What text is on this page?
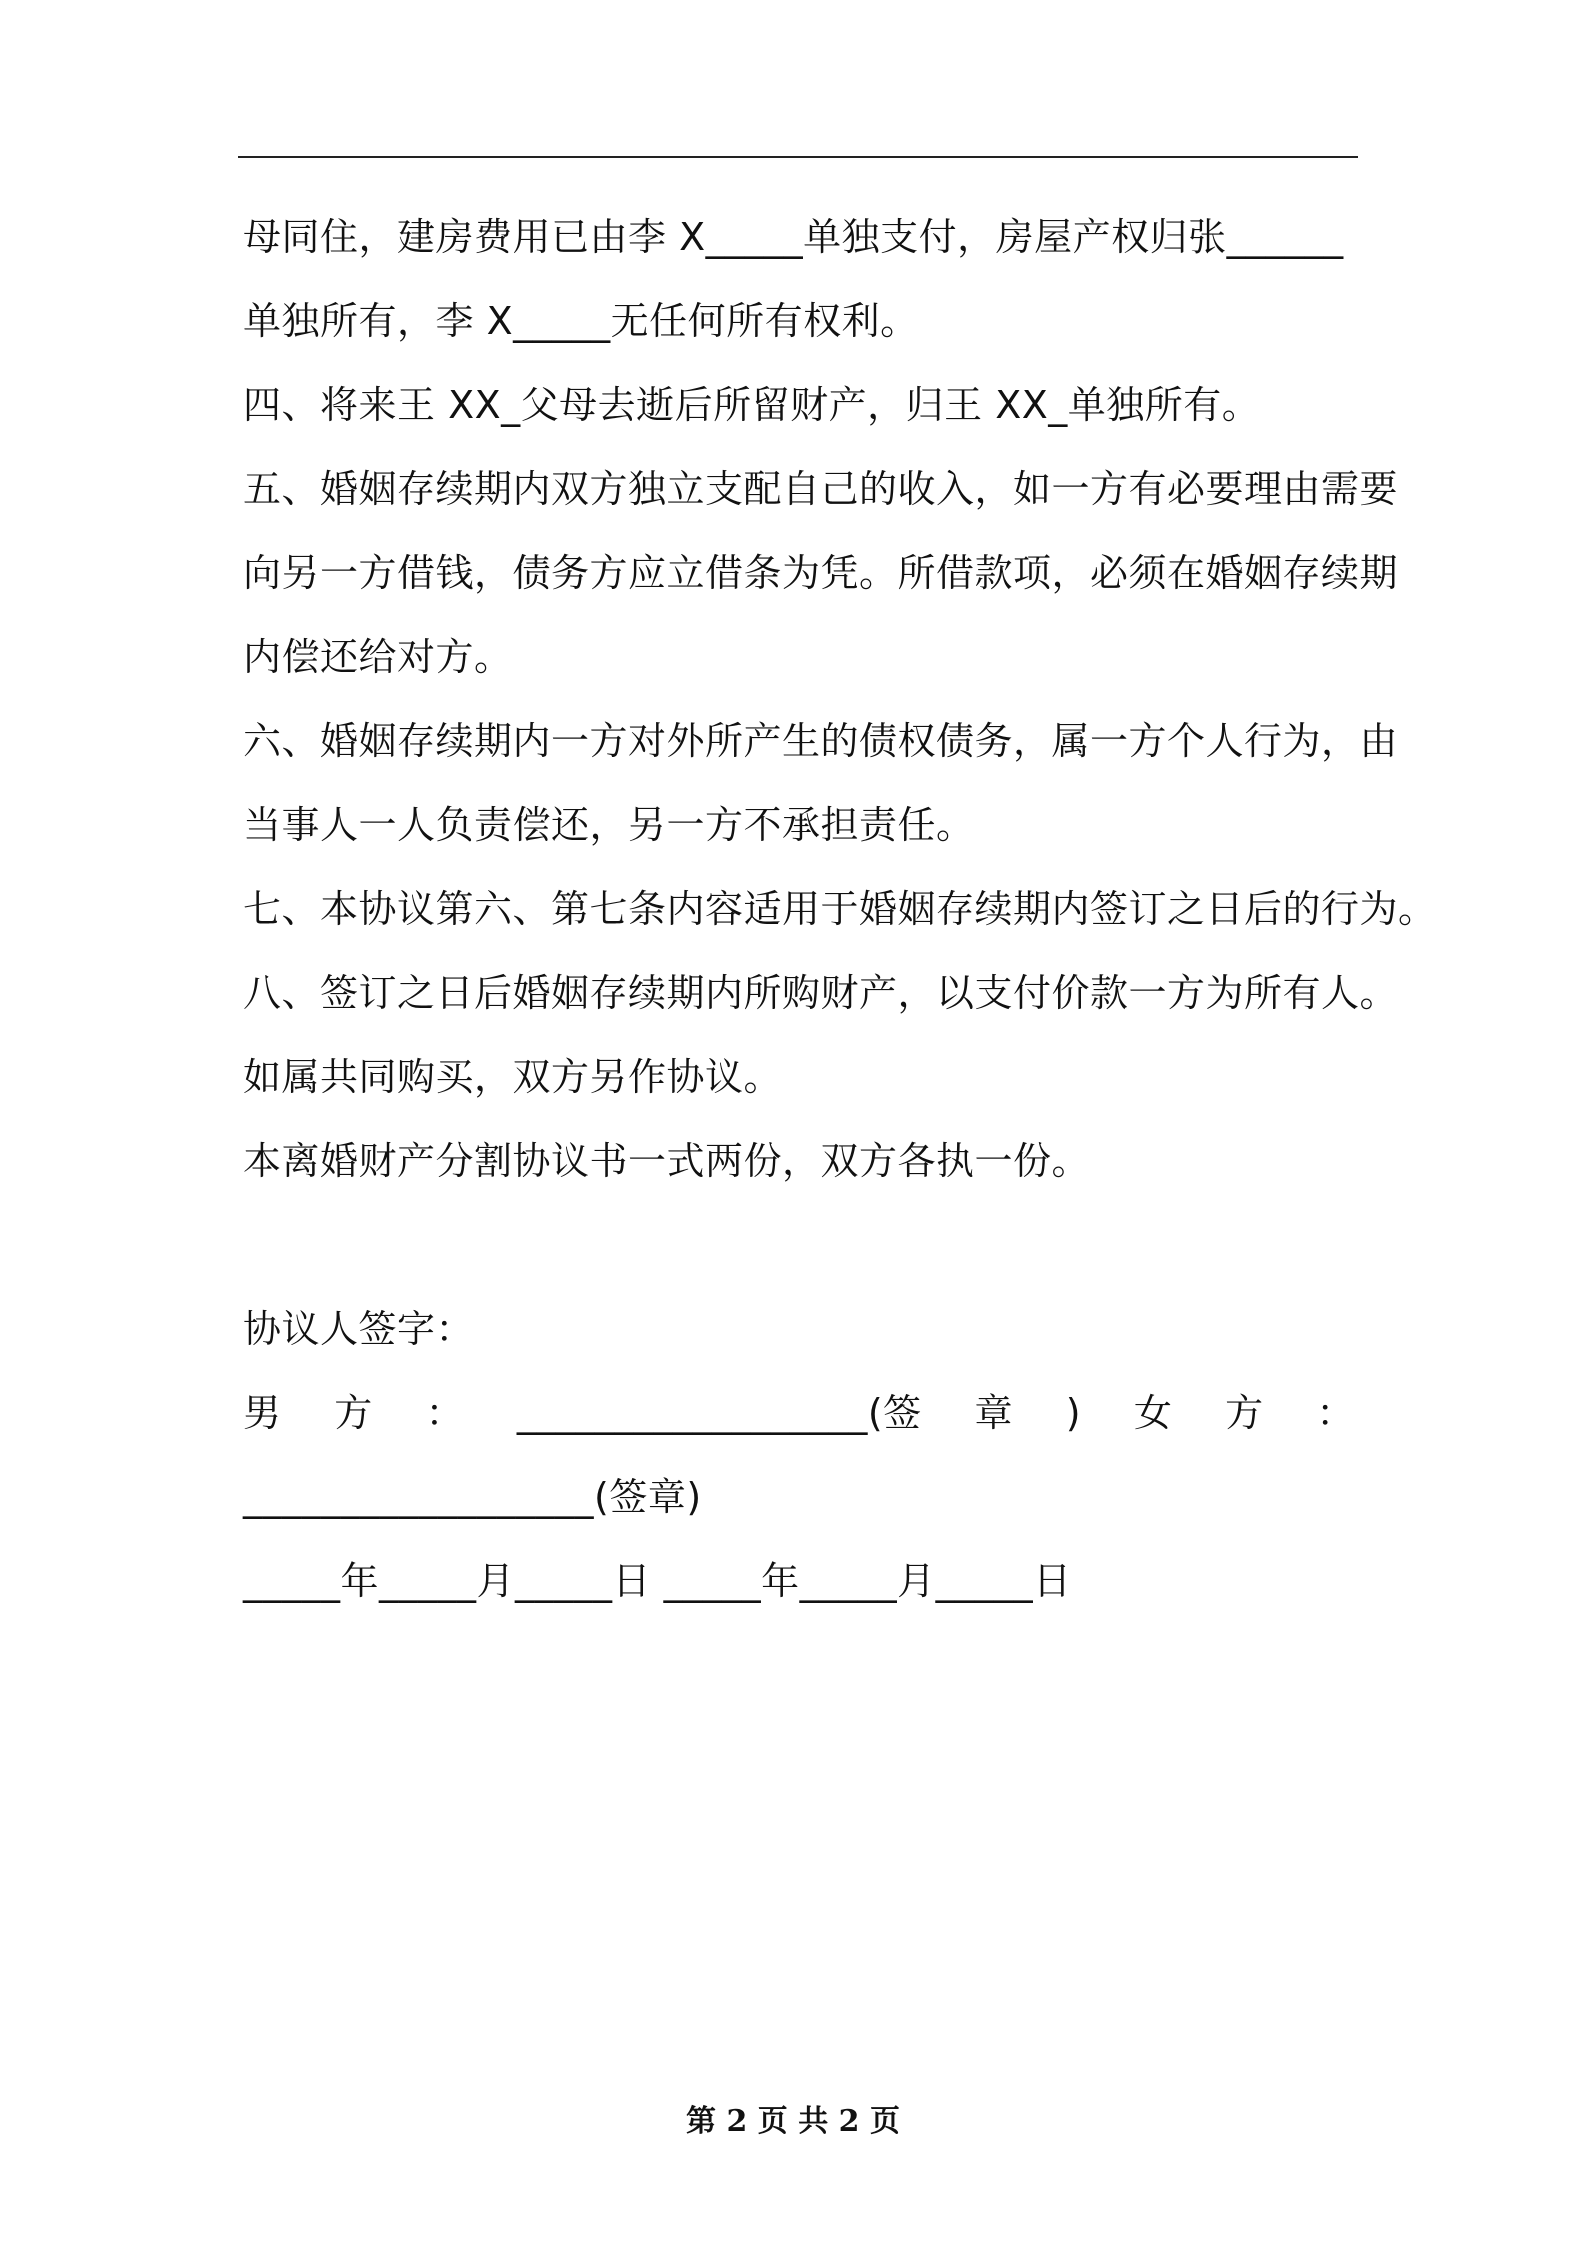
母同住，建房费用已由李 X_____单独支付，房屋产权归张______
单独所有，李 X_____无任何所有权利。
四、将来王 XX_父母去逝后所留财产，归王 XX_单独所有。
五、婚姻存续期内双方独立支配自己的收入，如一方有必要理由需要
向另一方借钱，债务方应立借条为凭。所借款项，必须在婚姻存续期
内偿还给对方。
六、婚姻存续期内一方对外所产生的债权债务，属一方个人行为，由
当事人一人负责偿还，另一方不承担责任。
七、本协议第六、第七条内容适用于婚姻存续期内签订之日后的行为。
八、签订之日后婚姻存续期内所购财产，以支付价款一方为所有人。
如属共同购买，双方另作协议。
本离婚财产分割协议书一式两份，双方各执一份。
协议人签字：
男 方 ： __________________(签 章 ) 女 方 ：
__________________(签章)
_____年_____月_____日 _____年_____月_____日
第 2 页 共 2 页
